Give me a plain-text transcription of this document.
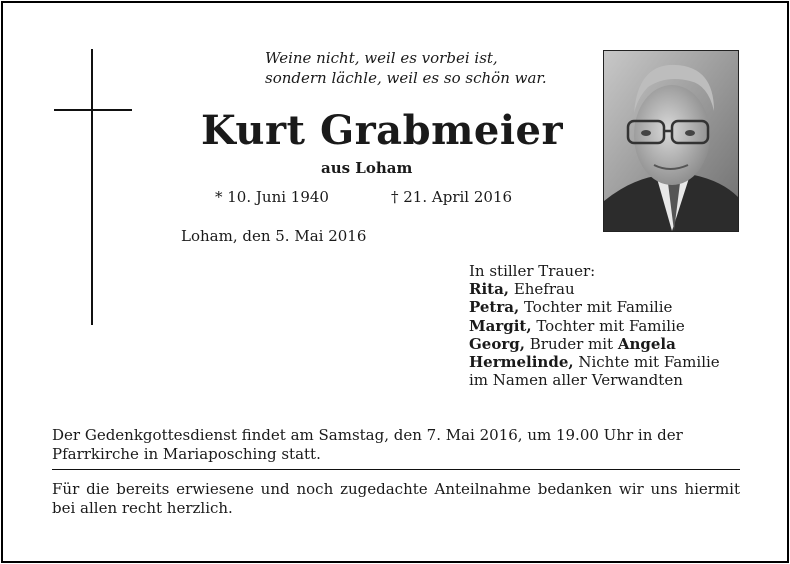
Weine nicht, weil es vorbei ist,
sondern lächle, weil es so schön war.
Kurt Grabmeier
aus Loham
* 10. Juni 1940	† 21. April 2016
Loham, den 5. Mai 2016
In stiller Trauer:
Rita, Ehefrau
Petra, Tochter mit Familie
Margit, Tochter mit Familie
Georg, Bruder mit Angela
Hermelinde, Nichte mit Familie
im Namen aller Verwandten
Der Gedenkgottesdienst findet am Samstag, den 7. Mai 2016, um 19.00 Uhr in der Pfarrkirche in Mariaposching statt.
Für die bereits erwiesene und noch zugedachte Anteilnahme bedanken wir uns hiermit bei allen recht herzlich.
